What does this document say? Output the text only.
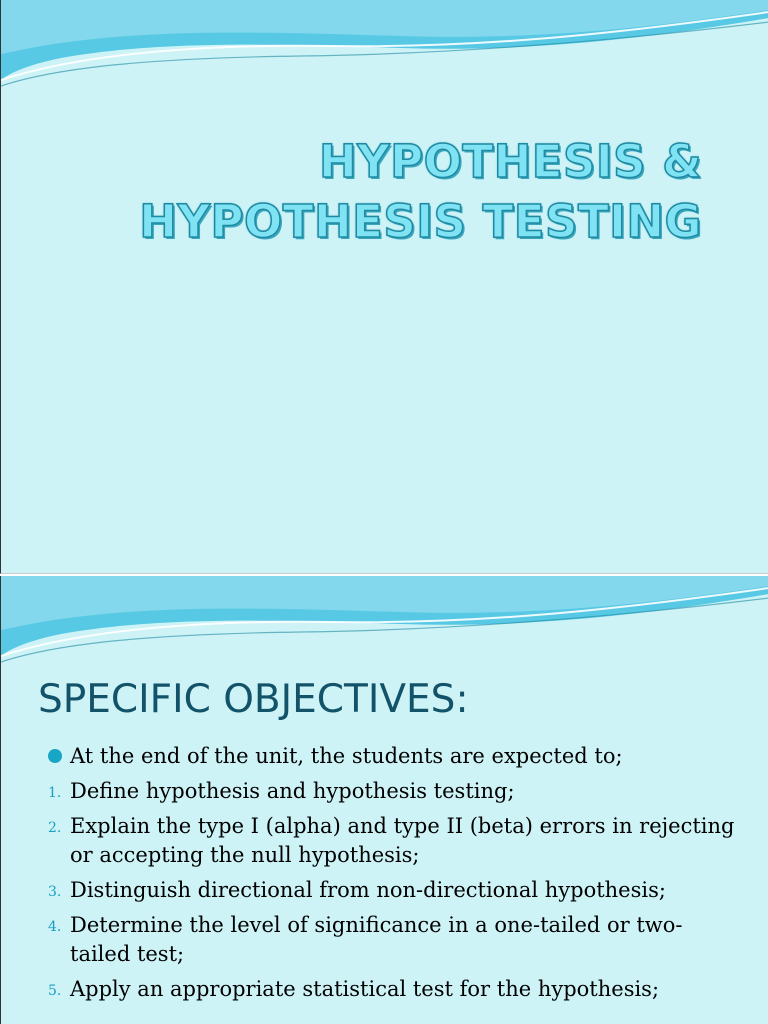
HYPOTHESIS &
HYPOTHESIS TESTING
SPECIFIC OBJECTIVES:
At the end of the unit, the students are expected to;
1. Define hypothesis and hypothesis testing;
2. Explain the type I (alpha) and type II (beta) errors in rejecting or accepting the null hypothesis;
3. Distinguish directional from non-directional hypothesis;
4. Determine the level of significance in a one-tailed or two-tailed test;
5. Apply an appropriate statistical test for the hypothesis;
